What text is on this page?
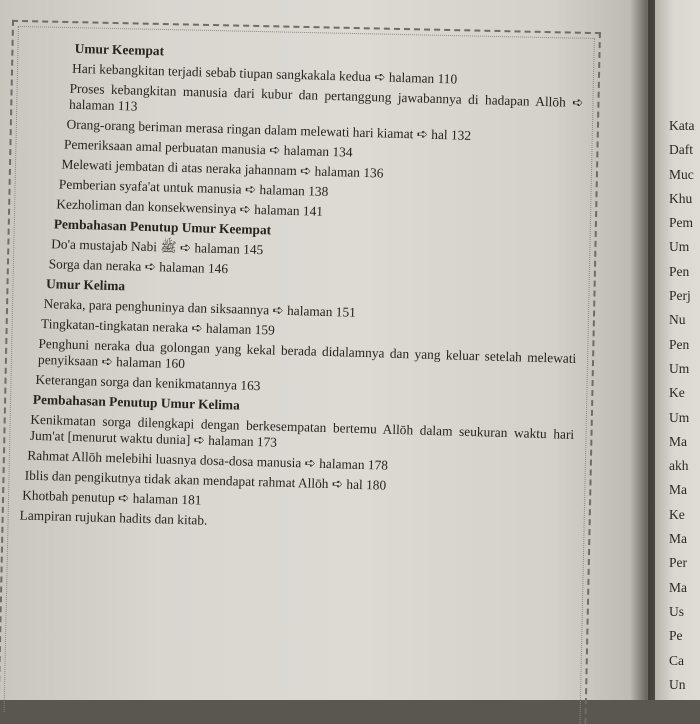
Umur Keempat
Hari kebangkitan terjadi sebab tiupan sangkakala kedua ➪ halaman 110
Proses kebangkitan manusia dari kubur dan pertanggung jawabannya di hadapan Allōh ➪ halaman 113
Orang-orang beriman merasa ringan dalam melewati hari kiamat ➪ hal 132
Pemeriksaan amal perbuatan manusia ➪ halaman 134
Melewati jembatan di atas neraka jahannam ➪ halaman 136
Pemberian syafa'at untuk manusia ➪ halaman 138
Kezholiman dan konsekwensinya ➪ halaman 141
Pembahasan Penutup Umur Keempat
Do'a mustajab Nabi ﷺ ➪ halaman 145
Sorga dan neraka ➪ halaman 146
Umur Kelima
Neraka, para penghuninya dan siksaannya ➪ halaman 151
Tingkatan-tingkatan neraka ➪ halaman 159
Penghuni neraka dua golongan yang kekal berada didalamnya dan yang keluar setelah melewati penyiksaan ➪ halaman 160
Keterangan sorga dan kenikmatannya 163
Pembahasan Penutup Umur Kelima
Kenikmatan sorga dilengkapi dengan berkesempatan bertemu Allōh dalam seukuran waktu hari Jum'at [menurut waktu dunia] ➪ halaman 173
Rahmat Allōh melebihi luasnya dosa-dosa manusia ➪ halaman 178
Iblis dan pengikutnya tidak akan mendapat rahmat Allōh ➪ hal 180
Khotbah penutup ➪ halaman 181
Lampiran rujukan hadits dan kitab.
Kata
Daft
Muc
Khu
Pem
Um
Pen
Perj
Nu
Pen
Um
Ke
Um
Ma
akh
Ma
Ke
Ma
Per
Ma
Us
Pe
Ca
Un
